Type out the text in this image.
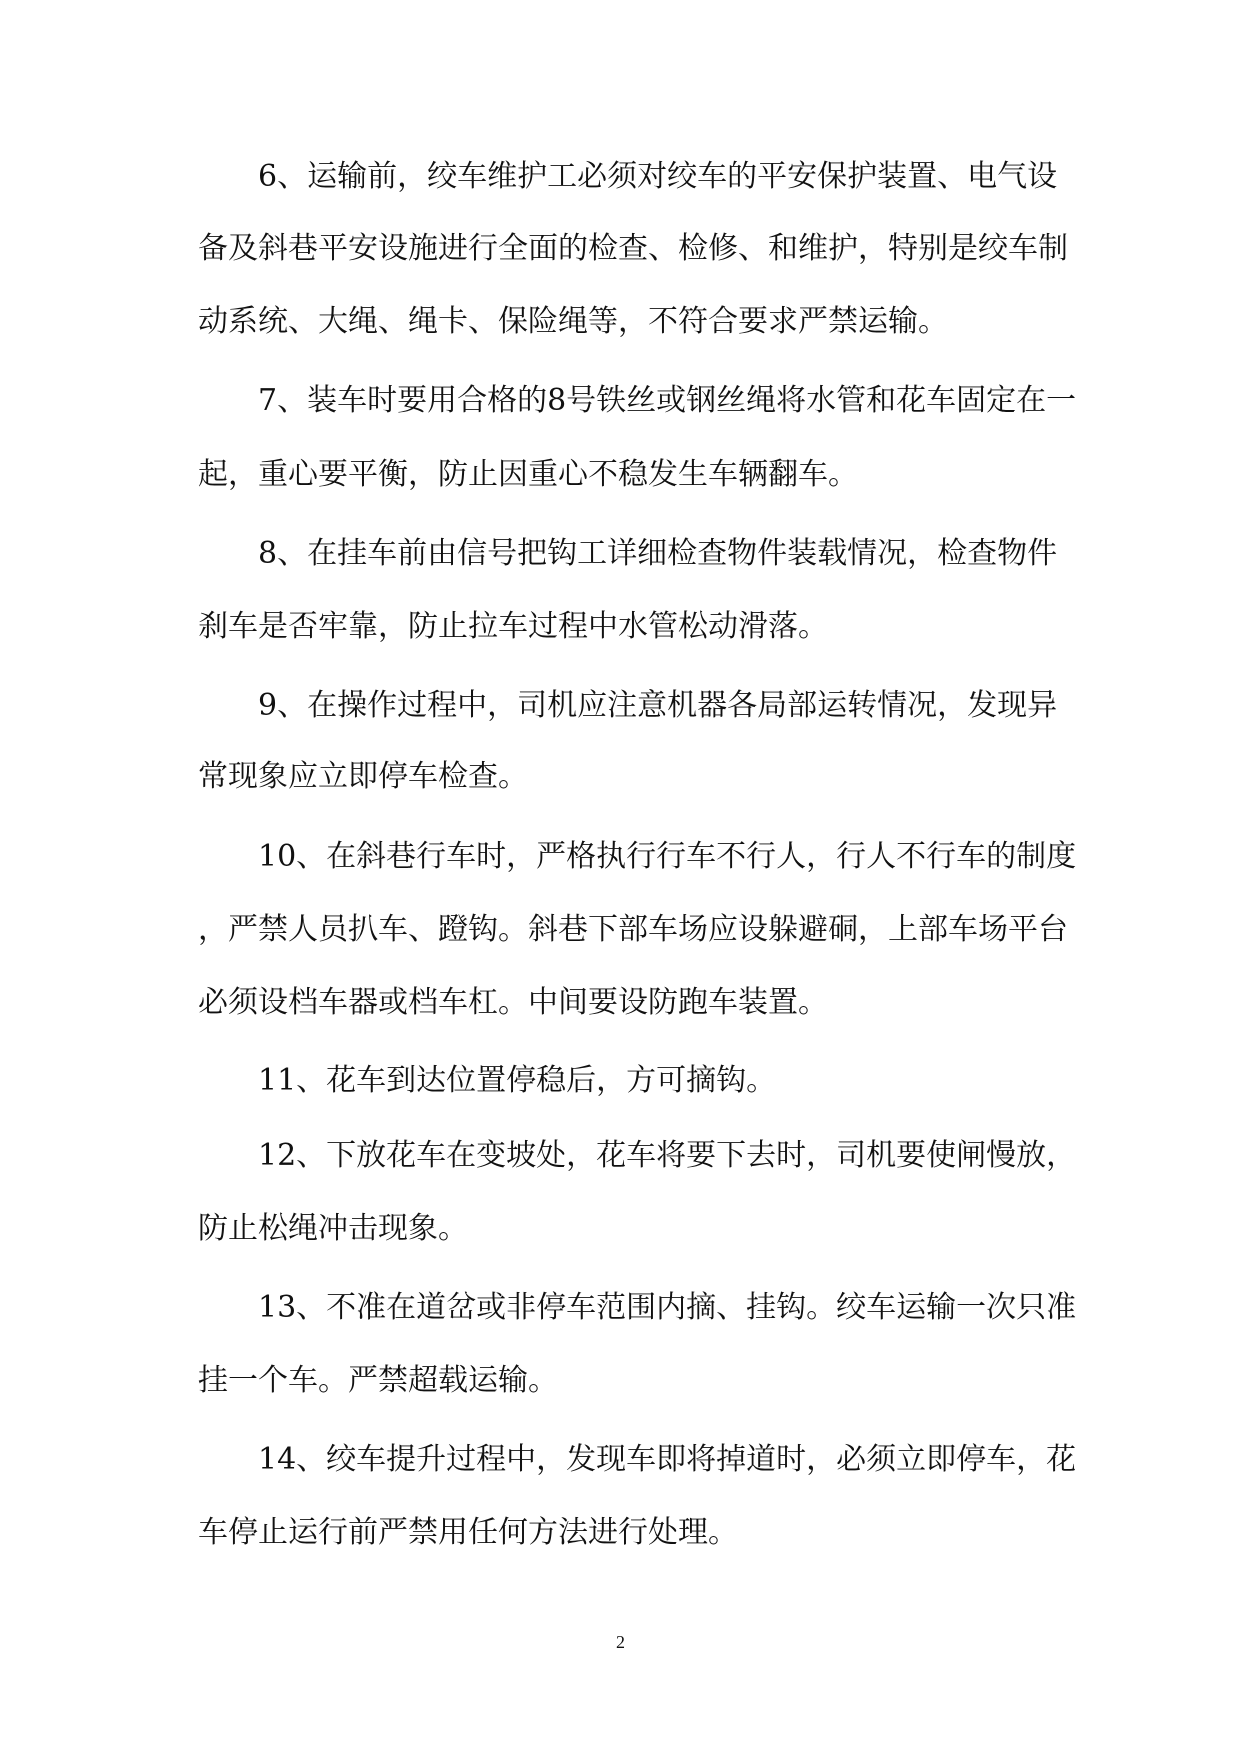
6、运输前，绞车维护工必须对绞车的平安保护装置、电气设
备及斜巷平安设施进行全面的检查、检修、和维护，特别是绞车制
动系统、大绳、绳卡、保险绳等，不符合要求严禁运输。
7、装车时要用合格的8号铁丝或钢丝绳将水管和花车固定在一
起，重心要平衡，防止因重心不稳发生车辆翻车。
8、在挂车前由信号把钩工详细检查物件装载情况，检查物件
刹车是否牢靠，防止拉车过程中水管松动滑落。
9、在操作过程中，司机应注意机器各局部运转情况，发现异
常现象应立即停车检查。
10、在斜巷行车时，严格执行行车不行人，行人不行车的制度
，严禁人员扒车、蹬钩。斜巷下部车场应设躲避硐，上部车场平台
必须设档车器或档车杠。中间要设防跑车装置。
11、花车到达位置停稳后，方可摘钩。
12、下放花车在变坡处，花车将要下去时，司机要使闸慢放，
防止松绳冲击现象。
13、不准在道岔或非停车范围内摘、挂钩。绞车运输一次只准
挂一个车。严禁超载运输。
14、绞车提升过程中，发现车即将掉道时，必须立即停车，花
车停止运行前严禁用任何方法进行处理。
2
